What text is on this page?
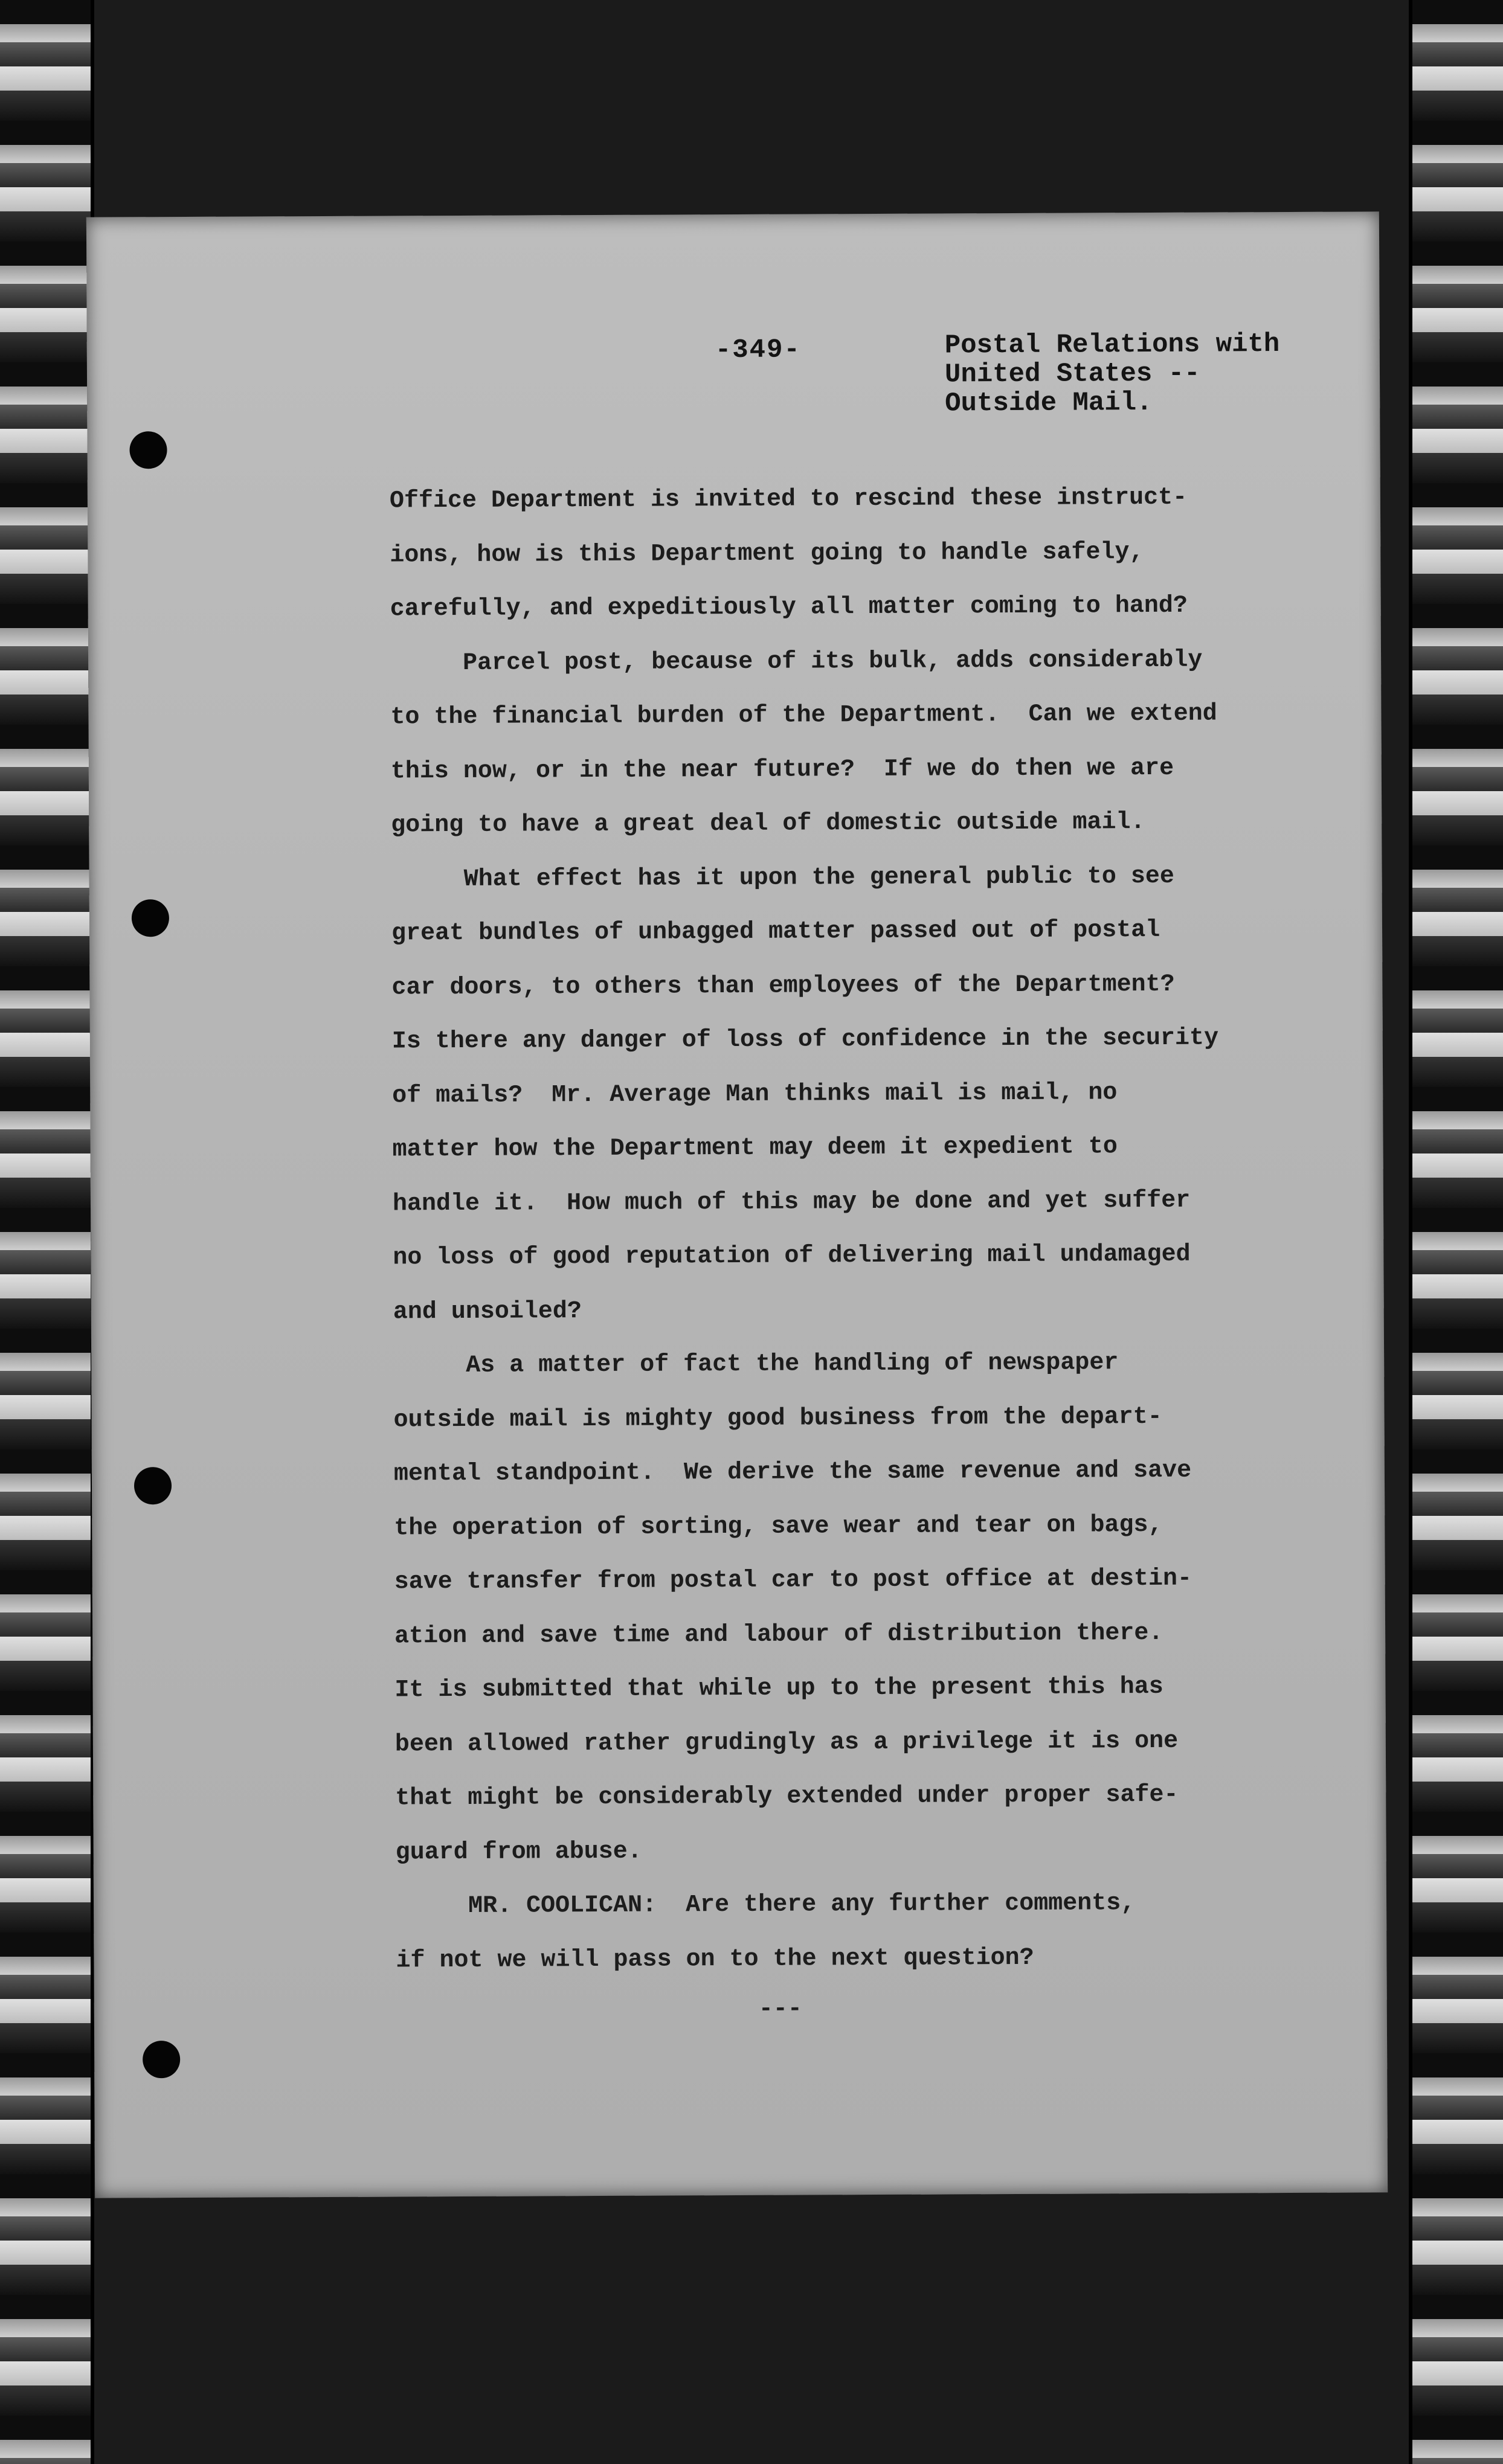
-349-	Postal Relations with
United States --
Outside Mail.
Office Department is invited to rescind these instruct-
ions, how is this Department going to handle safely,
carefully, and expeditiously all matter coming to hand?
Parcel post, because of its bulk, adds considerably
to the financial burden of the Department.  Can we extend
this now, or in the near future?  If we do then we are
going to have a great deal of domestic outside mail.
What effect has it upon the general public to see
great bundles of unbagged matter passed out of postal
car doors, to others than employees of the Department?
Is there any danger of loss of confidence in the security
of mails?  Mr. Average Man thinks mail is mail, no
matter how the Department may deem it expedient to
handle it.  How much of this may be done and yet suffer
no loss of good reputation of delivering mail undamaged
and unsoiled?
As a matter of fact the handling of newspaper
outside mail is mighty good business from the depart-
mental standpoint.  We derive the same revenue and save
the operation of sorting, save wear and tear on bags,
save transfer from postal car to post office at destin-
ation and save time and labour of distribution there.
It is submitted that while up to the present this has
been allowed rather grudingly as a privilege it is one
that might be considerably extended under proper safe-
guard from abuse.
MR. COOLICAN:  Are there any further comments,
if not we will pass on to the next question?
---
